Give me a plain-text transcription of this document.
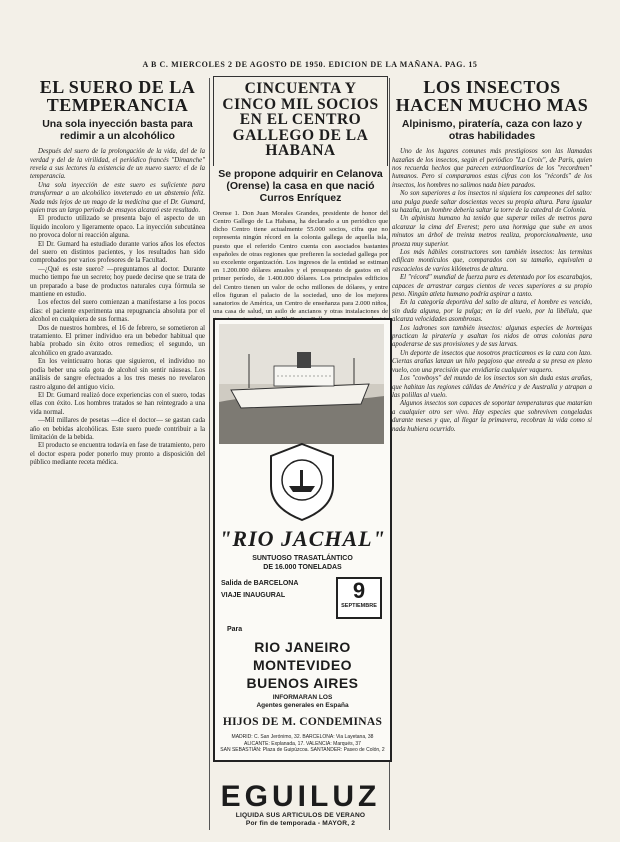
A B C. MIERCOLES 2 DE AGOSTO DE 1950. EDICION DE LA MAÑANA. PAG. 15
EL SUERO DE LA TEMPERANCIA
Una sola inyección basta para redimir a un alcohólico

Después del suero de la prolongación de la vida, del de la verdad y del de la virilidad, el periódico francés "Dimanche" revela a sus lectores la existencia de un nuevo suero: el de la temperancia.

Una sola inyección de este suero es suficiente para transformar a un alcohólico inveterado en un abstemio feliz. Nada más lejos de un mago de la medicina que el Dr. Gumard, quien tras un largo periodo de ensayos alcanzó este resultado.

El producto utilizado se presenta bajo el aspecto de un líquido incoloro y ligeramente opaco. La inyección subcutánea no provoca dolor ni reacción alguna.

El Dr. Gumard ha estudiado durante varios años los efectos del suero en distintos pacientes, y los resultados han sido comprobados por varios profesores de la Facultad.

—¿Qué es este suero? —preguntamos al doctor. Durante mucho tiempo fue un secreto; hoy puede decirse que se trata de un preparado a base de productos naturales cuya fórmula se mantiene en estudio.

Los efectos del suero comienzan a manifestarse a los pocos días: el paciente experimenta una repugnancia absoluta por el alcohol en cualquiera de sus formas.

Dos de nuestros hombres, el 16 de febrero, se sometieron al tratamiento. El primer individuo era un bebedor habitual que había probado sin éxito otros remedios; el segundo, un alcohólico en grado avanzado.

En los veinticuatro horas que siguieron, el individuo no podía beber una sola gota de alcohol sin sentir náuseas. Los análisis de sangre efectuados a los tres meses no revelaron rastro alguno del antiguo vicio.

El Dr. Gumard realizó doce experiencias con el suero, todas ellas con éxito. Los hombres tratados se han reintegrado a una vida normal.

—Mil millares de pesetas —dice el doctor— se gastan cada año en bebidas alcohólicas. Este suero puede contribuir a la limitación de la bebida.

El producto se encuentra todavía en fase de tratamiento, pero el doctor espera poder ponerlo muy pronto a disposición del público mediante receta médica.

CINCUENTA Y CINCO MIL SOCIOS EN EL CENTRO GALLEGO DE LA HABANA
Se propone adquirir en Celanova (Orense) la casa en que nació Curros Enríquez
Orense 1. Don Juan Morales Grandes, presidente de honor del Centro Gallego de La Habana, ha declarado a un periódico que dicho Centro tiene actualmente 55.000 socios, cifra que no representa ningún récord en la colonia gallega de aquella isla, puesto que el referido Centro cuenta con asociados bastantes españoles de otras regiones que prefieren la sociedad gallega por su excelente organización. Los ingresos de la entidad se estiman en 1.200.000 dólares anuales y el presupuesto de gastos en el primer período, de 1.400.000 dólares. Los principales edificios del Centro tienen un valor de ocho millones de dólares, y entre ellos figuran el palacio de la sociedad, uno de los mejores sanatorios de América, un Centro de enseñanza para 2.000 niños, una casa de salud, un asilo de ancianos y otras instalaciones de
"RIO JACHAL"
SUNTUOSO TRASATLÁNTICO
DE 16.000 TONELADAS
Salida de BARCELONA
VIAJE INAUGURAL	9
SEPTIEMBRE
Para
RIO JANEIRO
MONTEVIDEO
BUENOS AIRES
INFORMARAN LOS
Agentes generales en España
HIJOS DE M. CONDEMINAS
MADRID: C. San Jerónimo, 32. BARCELONA: Via Layetana, 38
ALICANTE: Explanada, 17. VALENCIA: Marqués, 37
SAN SEBASTIÁN: Plaza de Guipúzcoa. SANTANDER: Paseo de Colón, 2
EGUILUZ
LIQUIDA SUS ARTICULOS DE VERANO
Por fin de temporada - MAYOR, 2
LOS INSECTOS HACEN MUCHO MAS
Alpinismo, piratería, caza con lazo y otras habilidades

Uno de los lugares comunes más prestigiosos son las llamadas hazañas de los insectos, según el periódico "La Croix", de París, quien nos recuerda hechos que parecen extraordinarios de los "recordmen" humanos. Pero si comparamos estas cifras con los "récords" de los insectos, los hombres no salimos nada bien parados.

No son superiores a los insectos ni siquiera los campeones del salto: una pulga puede saltar doscientas veces su propia altura. Para igualar su hazaña, un hombre debería saltar la torre de la catedral de Colonia.

Un alpinista humano ha tenido que superar miles de metros para alcanzar la cima del Everest; pero una hormiga que sube en unos minutos un árbol de treinta metros realiza, proporcionalmente, una proeza muy superior.

Los más hábiles constructores son también insectos: las termitas edifican montículos que, comparados con su tamaño, equivalen a rascacielos de varios kilómetros de altura.

El "récord" mundial de fuerza pura es detentado por los escarabajos, capaces de arrastrar cargas cientos de veces superiores a su propio peso. Ningún atleta humano podría aspirar a tanto.

En la categoría deportiva del salto de altura, el hombre es vencido, sin duda alguna, por la pulga; en la del vuelo, por la libélula, que alcanza velocidades asombrosas.

Los ladrones son también insectos: algunas especies de hormigas practican la piratería y asaltan los nidos de otras colonias para apoderarse de sus provisiones y de sus larvas.

Un deporte de insectos que nosotros practicamos es la caza con lazo. Ciertas arañas lanzan un hilo pegajoso que enreda a su presa en pleno vuelo, con una precisión que envidiaría cualquier vaquero.

Los "cowboys" del mundo de los insectos son sin duda estas arañas, que habitan las regiones cálidas de América y de Australia y atrapan a las polillas al vuelo.

Algunos insectos son capaces de soportar temperaturas que matarían a cualquier otro ser vivo. Hay especies que sobreviven congeladas durante meses y que, al llegar la primavera, recobran la vida como si nada hubiera ocurrido.
